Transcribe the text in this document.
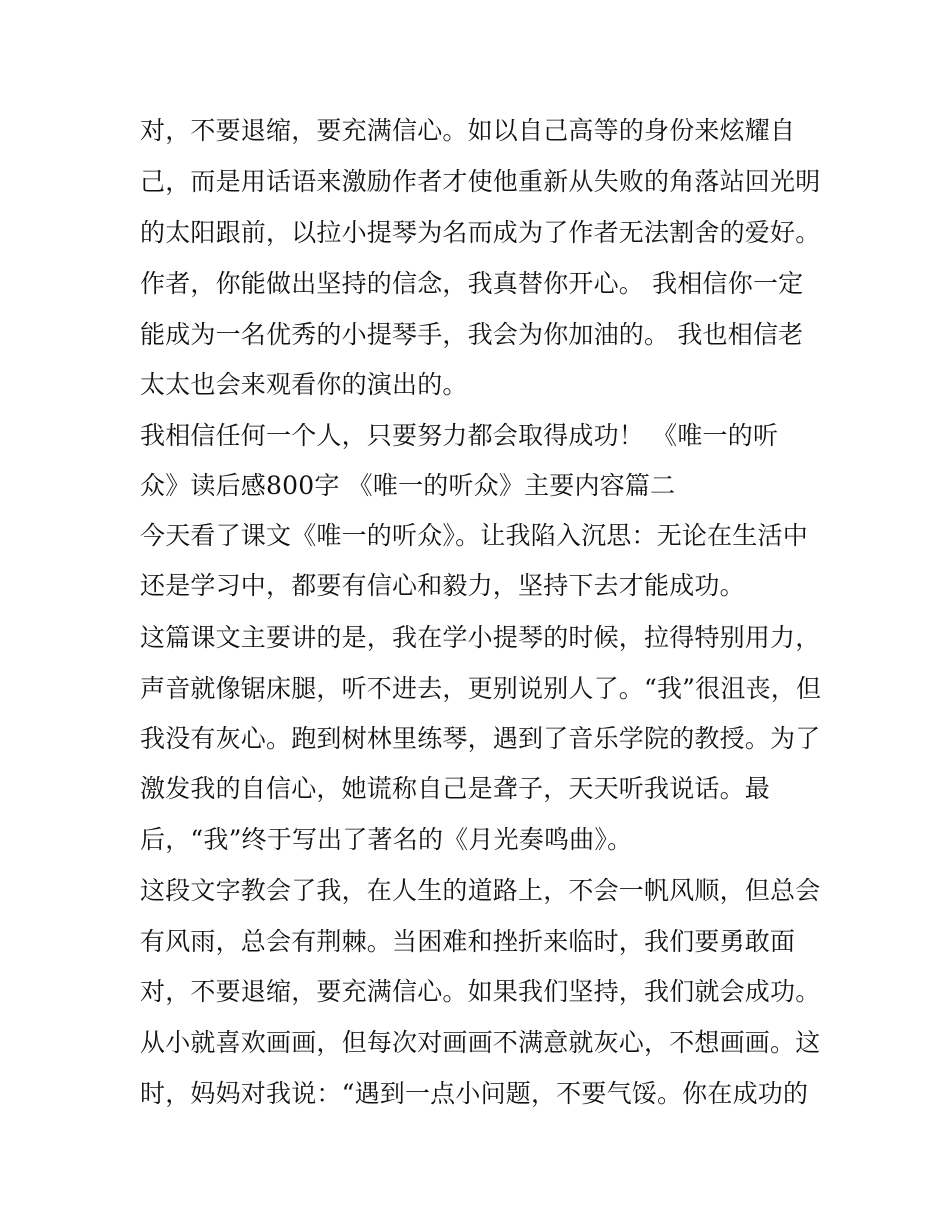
对，不要退缩，要充满信心。如以自己高等的身份来炫耀自
己，而是用话语来激励作者才使他重新从失败的角落站回光明
的太阳跟前，以拉小提琴为名而成为了作者无法割舍的爱好。
作者，你能做出坚持的信念，我真替你开心。 我相信你一定
能成为一名优秀的小提琴手，我会为你加油的。 我也相信老
太太也会来观看你的演出的。
我相信任何一个人，只要努力都会取得成功！ 《唯一的听
众》读后感800字 《唯一的听众》主要内容篇二
今天看了课文《唯一的听众》。让我陷入沉思：无论在生活中
还是学习中，都要有信心和毅力，坚持下去才能成功。
这篇课文主要讲的是，我在学小提琴的时候，拉得特别用力，
声音就像锯床腿，听不进去，更别说别人了。“我”很沮丧，但
我没有灰心。跑到树林里练琴，遇到了音乐学院的教授。为了
激发我的自信心，她谎称自己是聋子，天天听我说话。最
后，“我”终于写出了著名的《月光奏鸣曲》。
这段文字教会了我，在人生的道路上，不会一帆风顺，但总会
有风雨，总会有荆棘。当困难和挫折来临时，我们要勇敢面
对，不要退缩，要充满信心。如果我们坚持，我们就会成功。
从小就喜欢画画，但每次对画画不满意就灰心，不想画画。这
时，妈妈对我说：“遇到一点小问题，不要气馁。你在成功的
